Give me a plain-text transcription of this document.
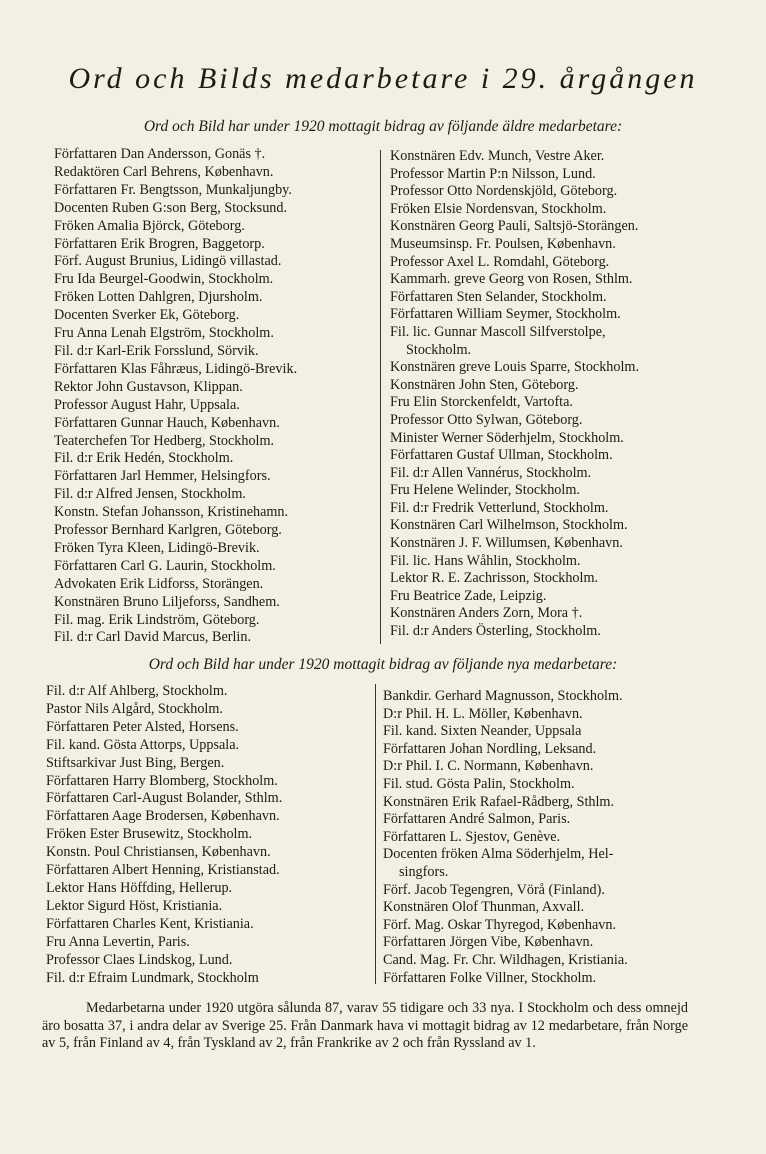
Ord och Bilds medarbetare i 29. årgången
Ord och Bild har under 1920 mottagit bidrag av följande äldre medarbetare:
Författaren Dan Andersson, Gonäs †.
Redaktören Carl Behrens, København.
Författaren Fr. Bengtsson, Munkaljungby.
Docenten Ruben G:son Berg, Stocksund.
Fröken Amalia Björck, Göteborg.
Författaren Erik Brogren, Baggetorp.
Förf. August Brunius, Lidingö villastad.
Fru Ida Beurgel-Goodwin, Stockholm.
Fröken Lotten Dahlgren, Djursholm.
Docenten Sverker Ek, Göteborg.
Fru Anna Lenah Elgström, Stockholm.
Fil. d:r Karl-Erik Forsslund, Sörvik.
Författaren Klas Fåhræus, Lidingö-Brevik.
Rektor John Gustavson, Klippan.
Professor August Hahr, Uppsala.
Författaren Gunnar Hauch, København.
Teaterchefen Tor Hedberg, Stockholm.
Fil. d:r Erik Hedén, Stockholm.
Författaren Jarl Hemmer, Helsingfors.
Fil. d:r Alfred Jensen, Stockholm.
Konstn. Stefan Johansson, Kristinehamn.
Professor Bernhard Karlgren, Göteborg.
Fröken Tyra Kleen, Lidingö-Brevik.
Författaren Carl G. Laurin, Stockholm.
Advokaten Erik Lidforss, Storängen.
Konstnären Bruno Liljeforss, Sandhem.
Fil. mag. Erik Lindström, Göteborg.
Fil. d:r Carl David Marcus, Berlin.
Konstnären Edv. Munch, Vestre Aker.
Professor Martin P:n Nilsson, Lund.
Professor Otto Nordenskjöld, Göteborg.
Fröken Elsie Nordensvan, Stockholm.
Konstnären Georg Pauli, Saltsjö-Storängen.
Museumsinsp. Fr. Poulsen, København.
Professor Axel L. Romdahl, Göteborg.
Kammarh. greve Georg von Rosen, Sthlm.
Författaren Sten Selander, Stockholm.
Författaren William Seymer, Stockholm.
Fil. lic. Gunnar Mascoll Silfverstolpe,
Stockholm.
Konstnären greve Louis Sparre, Stockholm.
Konstnären John Sten, Göteborg.
Fru Elin Storckenfeldt, Vartofta.
Professor Otto Sylwan, Göteborg.
Minister Werner Söderhjelm, Stockholm.
Författaren Gustaf Ullman, Stockholm.
Fil. d:r Allen Vannérus, Stockholm.
Fru Helene Welinder, Stockholm.
Fil. d:r Fredrik Vetterlund, Stockholm.
Konstnären Carl Wilhelmson, Stockholm.
Konstnären J. F. Willumsen, København.
Fil. lic. Hans Wåhlin, Stockholm.
Lektor R. E. Zachrisson, Stockholm.
Fru Beatrice Zade, Leipzig.
Konstnären Anders Zorn, Mora †.
Fil. d:r Anders Österling, Stockholm.
Ord och Bild har under 1920 mottagit bidrag av följande nya medarbetare:
Fil. d:r Alf Ahlberg, Stockholm.
Pastor Nils Algård, Stockholm.
Författaren Peter Alsted, Horsens.
Fil. kand. Gösta Attorps, Uppsala.
Stiftsarkivar Just Bing, Bergen.
Författaren Harry Blomberg, Stockholm.
Författaren Carl-August Bolander, Sthlm.
Författaren Aage Brodersen, København.
Fröken Ester Brusewitz, Stockholm.
Konstn. Poul Christiansen, København.
Författaren Albert Henning, Kristianstad.
Lektor Hans Höffding, Hellerup.
Lektor Sigurd Höst, Kristiania.
Författaren Charles Kent, Kristiania.
Fru Anna Levertin, Paris.
Professor Claes Lindskog, Lund.
Fil. d:r Efraim Lundmark, Stockholm
Bankdir. Gerhard Magnusson, Stockholm.
D:r Phil. H. L. Möller, København.
Fil. kand. Sixten Neander, Uppsala
Författaren Johan Nordling, Leksand.
D:r Phil. I. C. Normann, København.
Fil. stud. Gösta Palin, Stockholm.
Konstnären Erik Rafael-Rådberg, Sthlm.
Författaren André Salmon, Paris.
Författaren L. Sjestov, Genève.
Docenten fröken Alma Söderhjelm, Hel-
singfors.
Förf. Jacob Tegengren, Vörå (Finland).
Konstnären Olof Thunman, Axvall.
Förf. Mag. Oskar Thyregod, København.
Författaren Jörgen Vibe, København.
Cand. Mag. Fr. Chr. Wildhagen, Kristiania.
Författaren Folke Villner, Stockholm.

Medarbetarna under 1920 utgöra sålunda 87, varav 55 tidigare och 33 nya. I Stockholm och dess omnejd äro bosatta 37, i andra delar av Sverige 25. Från Danmark hava vi mottagit bidrag av 12 medarbetare, från Norge av 5, från Finland av 4, från Tyskland av 2, från Frankrike av 2 och från Ryssland av 1.
